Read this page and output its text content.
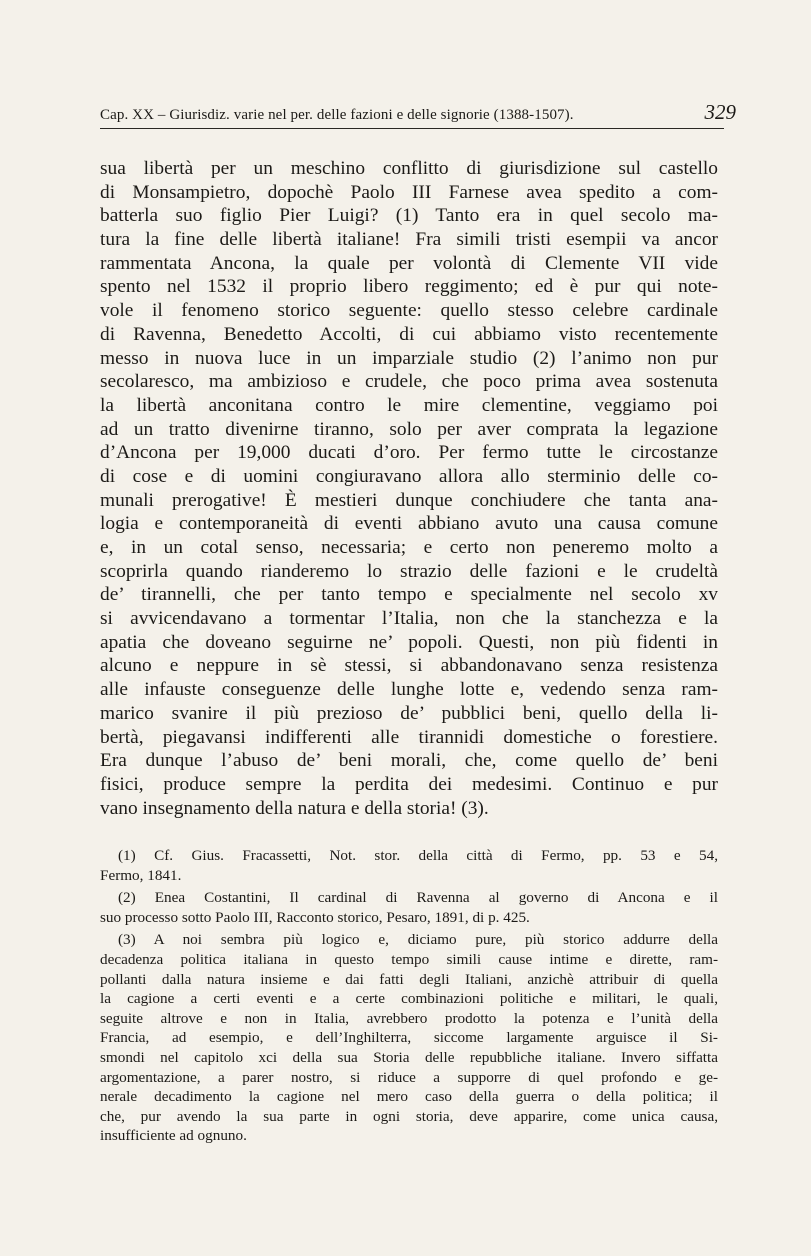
Cap. XX – Giurisdiz. varie nel per. delle fazioni e delle signorie (1388-1507).	329
sua libertà per un meschino conflitto di giurisdizione sul castello
di Monsampietro, dopochè Paolo III Farnese avea spedito a com-
batterla suo figlio Pier Luigi? (1) Tanto era in quel secolo ma-
tura la fine delle libertà italiane! Fra simili tristi esempii va ancor
rammentata Ancona, la quale per volontà di Clemente VII vide
spento nel 1532 il proprio libero reggimento; ed è pur qui note-
vole il fenomeno storico seguente: quello stesso celebre cardinale
di Ravenna, Benedetto Accolti, di cui abbiamo visto recentemente
messo in nuova luce in un imparziale studio (2) l’animo non pur
secolaresco, ma ambizioso e crudele, che poco prima avea sostenuta
la libertà anconitana contro le mire clementine, veggiamo poi
ad un tratto divenirne tiranno, solo per aver comprata la legazione
d’Ancona per 19,000 ducati d’oro. Per fermo tutte le circostanze
di cose e di uomini congiuravano allora allo sterminio delle co-
munali prerogative! È mestieri dunque conchiudere che tanta ana-
logia e contemporaneità di eventi abbiano avuto una causa comune
e, in un cotal senso, necessaria; e certo non peneremo molto a
scoprirla quando rianderemo lo strazio delle fazioni e le crudeltà
de’ tirannelli, che per tanto tempo e specialmente nel secolo xv
si avvicendavano a tormentar l’Italia, non che la stanchezza e la
apatia che doveano seguirne ne’ popoli. Questi, non più fidenti in
alcuno e neppure in sè stessi, si abbandonavano senza resistenza
alle infauste conseguenze delle lunghe lotte e, vedendo senza ram-
marico svanire il più prezioso de’ pubblici beni, quello della li-
bertà, piegavansi indifferenti alle tirannidi domestiche o forestiere.
Era dunque l’abuso de’ beni morali, che, come quello de’ beni
fisici, produce sempre la perdita dei medesimi. Continuo e pur
vano insegnamento della natura e della storia! (3).
(1) Cf. Gius. Fracassetti, Not. stor. della città di Fermo, pp. 53 e 54,
Fermo, 1841.
(2) Enea Costantini, Il cardinal di Ravenna al governo di Ancona e il
suo processo sotto Paolo III, Racconto storico, Pesaro, 1891, di p. 425.
(3) A noi sembra più logico e, diciamo pure, più storico addurre della
decadenza politica italiana in questo tempo simili cause intime e dirette, ram-
pollanti dalla natura insieme e dai fatti degli Italiani, anzichè attribuir di quella
la cagione a certi eventi e a certe combinazioni politiche e militari, le quali,
seguite altrove e non in Italia, avrebbero prodotto la potenza e l’unità della
Francia, ad esempio, e dell’Inghilterra, siccome largamente arguisce il Si-
smondi nel capitolo xci della sua Storia delle repubbliche italiane. Invero siffatta
argomentazione, a parer nostro, si riduce a supporre di quel profondo e ge-
nerale decadimento la cagione nel mero caso della guerra o della politica; il
che, pur avendo la sua parte in ogni storia, deve apparire, come unica causa,
insufficiente ad ognuno.
